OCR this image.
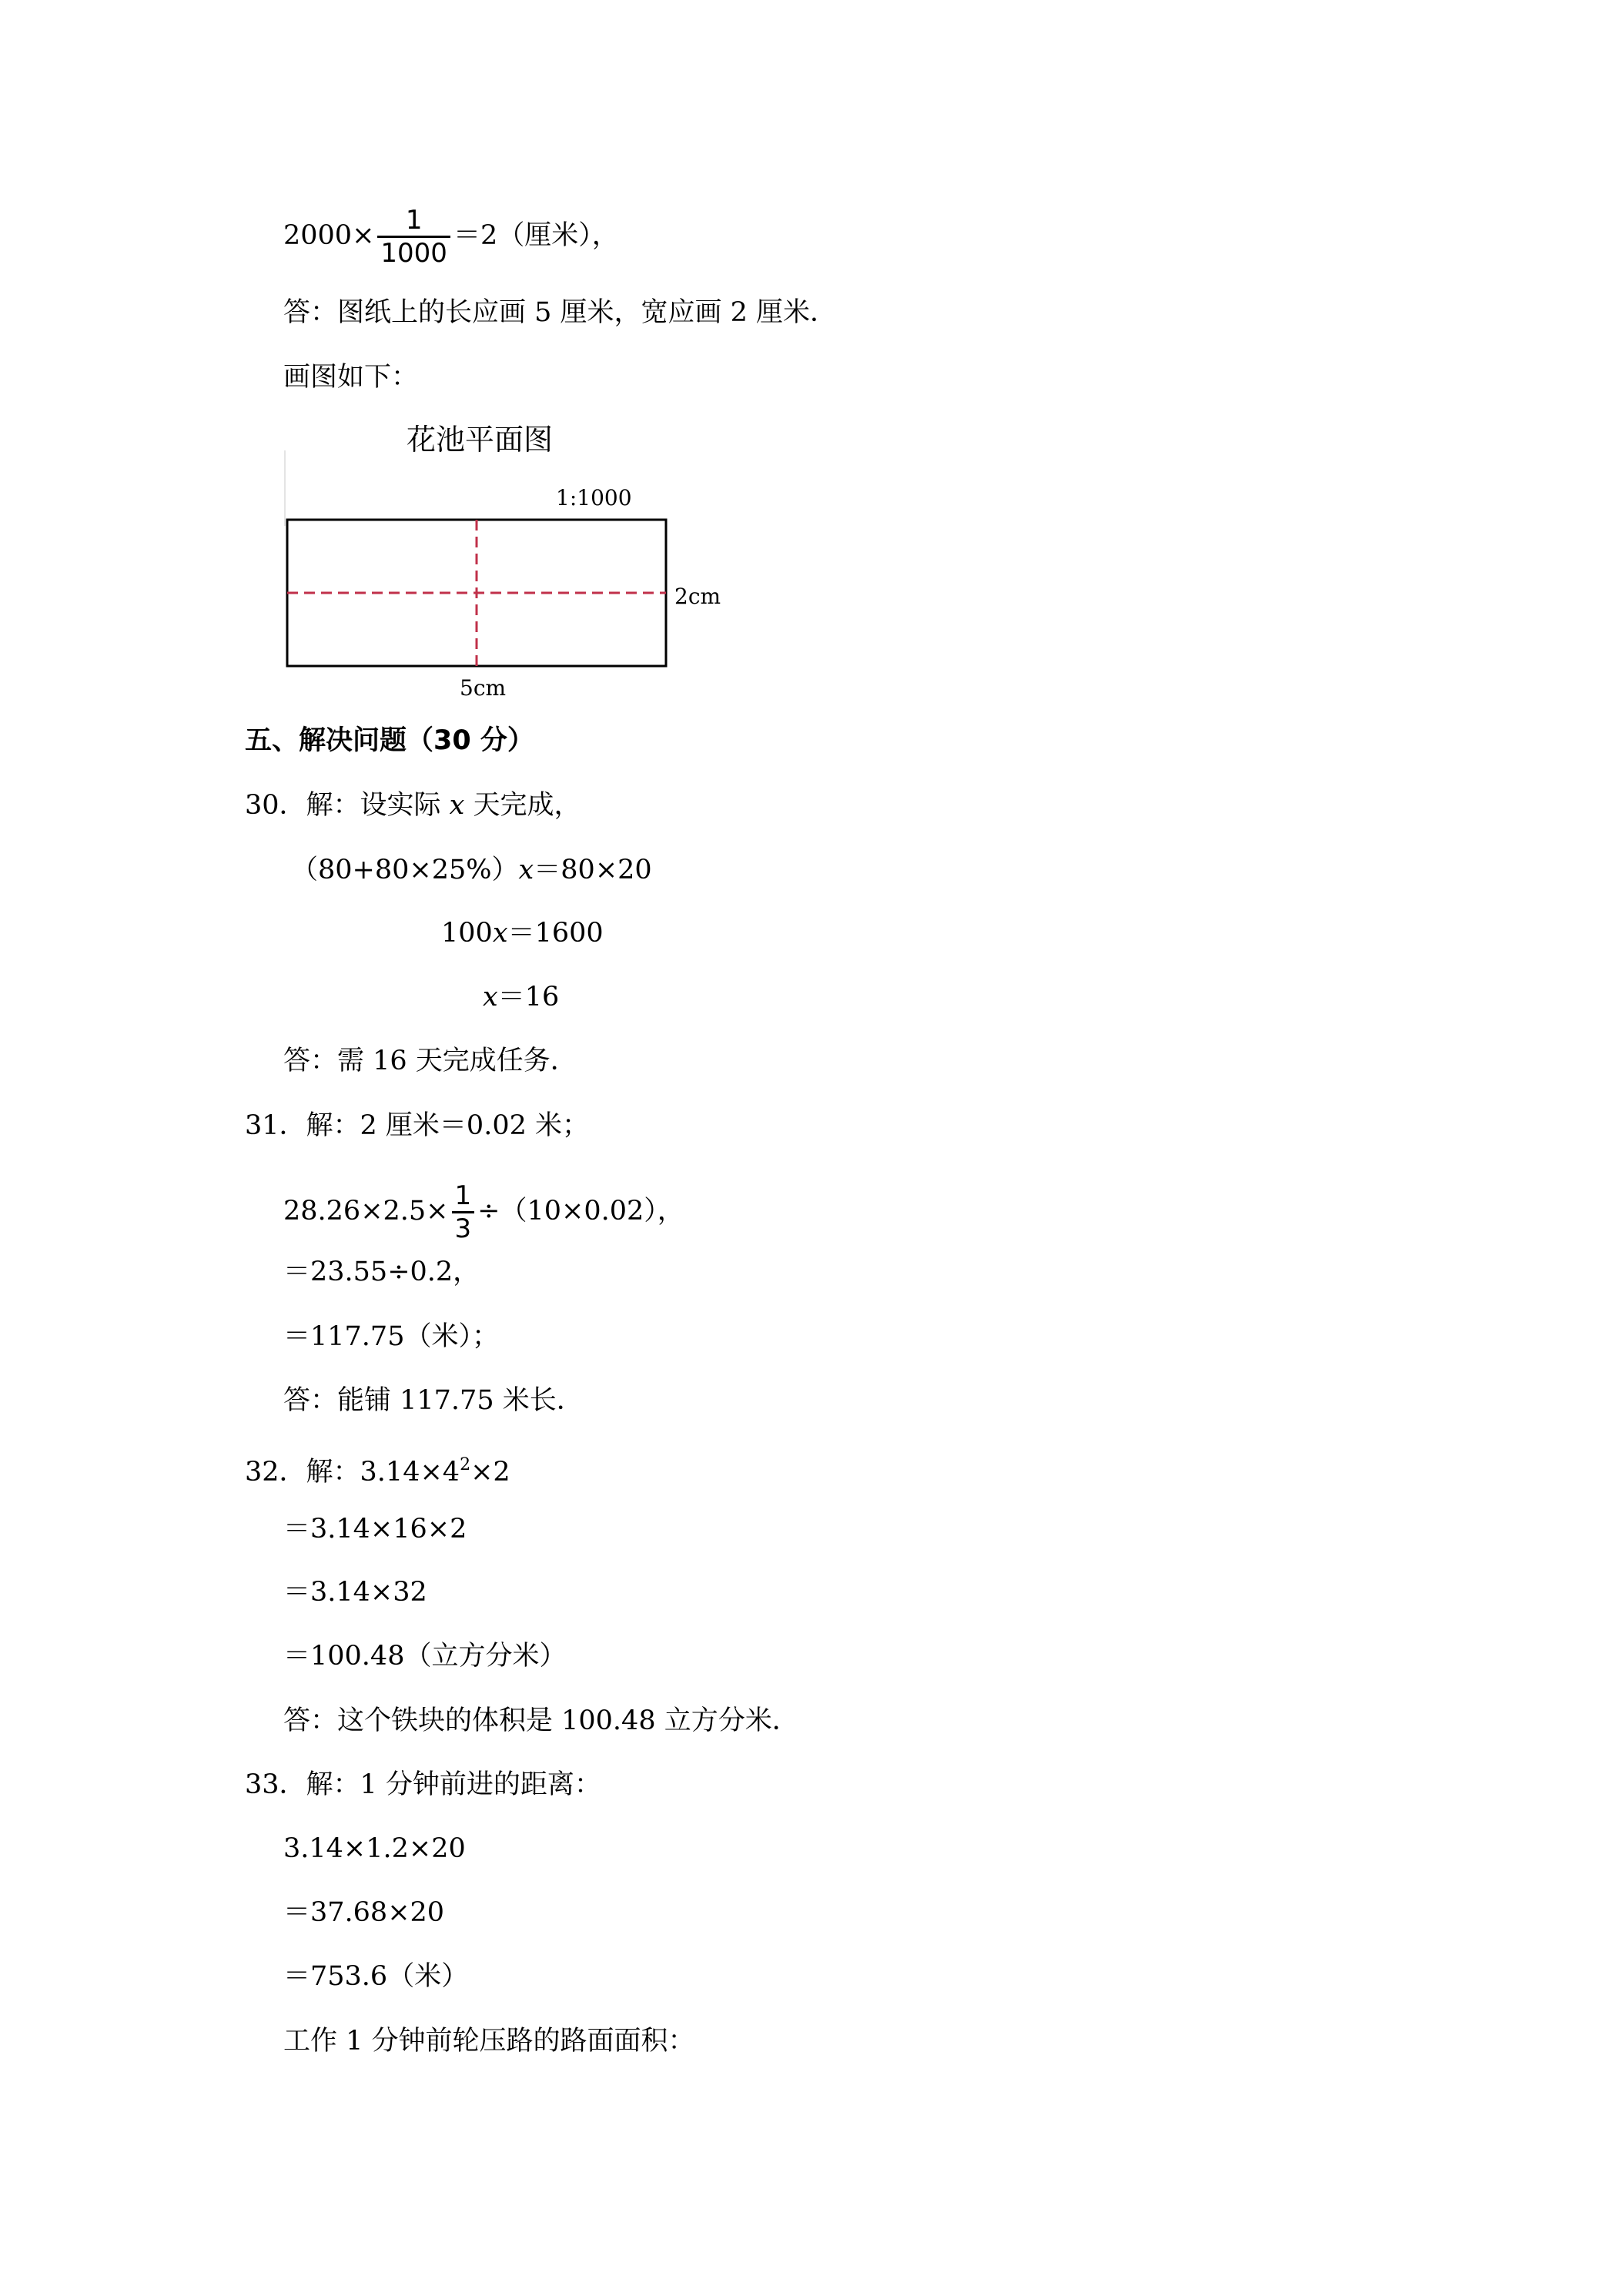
$2000\times \frac{1}{1000} =2$（厘米），
答：图纸上的长应画 5 厘米，宽应画 2 厘米．
画图如下：
花池平面图
1:1000
2cm
5cm
五、解决问题（30 分）
30．解：设实际 x 天完成，
（80+80×25%）x＝80×20
100x＝1600
x＝16
答：需 16 天完成任务．
31．解：2 厘米＝0.02 米；
$28.26\times 2.5\times \frac{1}{3} \div(10\times 0.02)$，
＝23.55÷0.2，
＝117.75（米）；
答：能铺 117.75 米长．
32．解：$3.14\times 4^2\times 2$
＝3.14×16×2
＝3.14×32
＝100.48（立方分米）
答：这个铁块的体积是 100.48 立方分米．
33．解：1 分钟前进的距离：
3.14×1.2×20
＝37.68×20
＝753.6（米）
工作 1 分钟前轮压路的路面面积：
